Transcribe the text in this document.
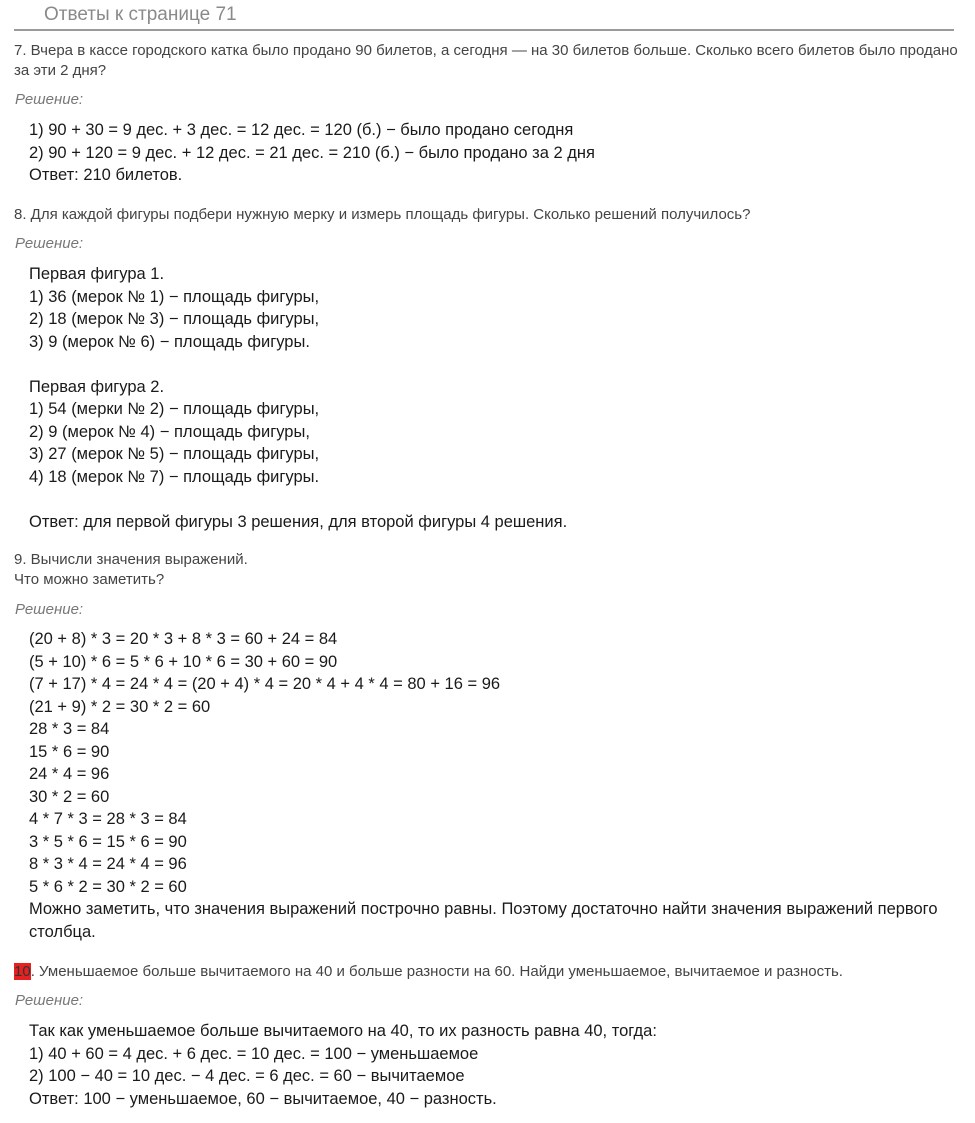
Ответы к странице 71
7. Вчера в кассе городского катка было продано 90 билетов, а сегодня — на 30 билетов больше. Сколько всего билетов было продано за эти 2 дня?
Решение:
1) 90 + 30 = 9 дес. + 3 дес. = 12 дес. = 120 (б.) − было продано сегодня
2) 90 + 120 = 9 дес. + 12 дес. = 21 дес. = 210 (б.) − было продано за 2 дня
Ответ: 210 билетов.
8. Для каждой фигуры подбери нужную мерку и измерь площадь фигуры. Сколько решений получилось?
Решение:
Первая фигура 1.
1) 36 (мерок № 1) − площадь фигуры,
2) 18 (мерок № 3) − площадь фигуры,
3) 9 (мерок № 6) − площадь фигуры.
Первая фигура 2.
1) 54 (мерки № 2) − площадь фигуры,
2) 9 (мерок № 4) − площадь фигуры,
3) 27 (мерок № 5) − площадь фигуры,
4) 18 (мерок № 7) − площадь фигуры.
Ответ: для первой фигуры 3 решения, для второй фигуры 4 решения.
9. Вычисли значения выражений.
Что можно заметить?
Решение:
(20 + 8) * 3 = 20 * 3 + 8 * 3 = 60 + 24 = 84
(5 + 10) * 6 = 5 * 6 + 10 * 6 = 30 + 60 = 90
(7 + 17) * 4 = 24 * 4 = (20 + 4) * 4 = 20 * 4 + 4 * 4 = 80 + 16 = 96
(21 + 9) * 2 = 30 * 2 = 60
28 * 3 = 84
15 * 6 = 90
24 * 4 = 96
30 * 2 = 60
4 * 7 * 3 = 28 * 3 = 84
3 * 5 * 6 = 15 * 6 = 90
8 * 3 * 4 = 24 * 4 = 96
5 * 6 * 2 = 30 * 2 = 60
Можно заметить, что значения выражений построчно равны. Поэтому достаточно найти значения выражений первого столбца.
10. Уменьшаемое больше вычитаемого на 40 и больше разности на 60. Найди уменьшаемое, вычитаемое и разность.
Решение:
Так как уменьшаемое больше вычитаемого на 40, то их разность равна 40, тогда:
1) 40 + 60 = 4 дес. + 6 дес. = 10 дес. = 100 − уменьшаемое
2) 100 − 40 = 10 дес. − 4 дес. = 6 дес. = 60 − вычитаемое
Ответ: 100 − уменьшаемое, 60 − вычитаемое, 40 − разность.
